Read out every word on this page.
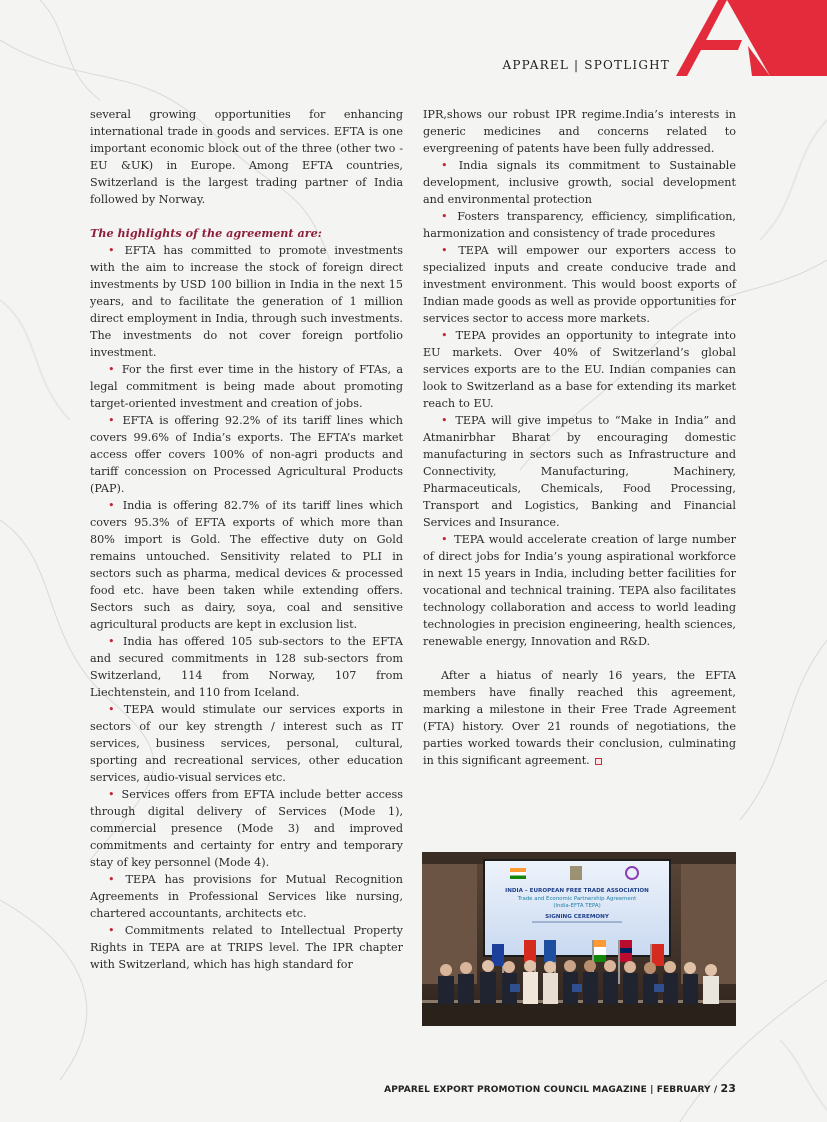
APPAREL | SPOTLIGHT

several growing opportunities for enhancing international trade in goods and services. EFTA is one important economic block out of the three (other two - EU &UK) in Europe. Among EFTA countries, Switzerland is the largest trading partner of India followed by Norway.

The highlights of the agreement are:

• EFTA has committed to promote investments with the aim to increase the stock of foreign direct investments by USD 100 billion in India in the next 15 years, and to facilitate the generation of 1 million direct employment in India, through such investments. The investments do not cover foreign portfolio investment.

• For the first ever time in the history of FTAs, a legal commitment is being made about promoting target-oriented investment and creation of jobs.

• EFTA is offering 92.2% of its tariff lines which covers 99.6% of India’s exports. The EFTA’s market access offer covers 100% of non-agri products and tariff concession on Processed Agricultural Products (PAP).

• India is offering 82.7% of its tariff lines which covers 95.3% of EFTA exports of which more than 80% import is Gold. The effective duty on Gold remains untouched. Sensitivity related to PLI in sectors such as pharma, medical devices & processed food etc. have been taken while extending offers. Sectors such as dairy, soya, coal and sensitive agricultural products are kept in exclusion list.

• India has offered 105 sub-sectors to the EFTA and secured commitments in 128 sub-sectors from Switzerland, 114 from Norway, 107 from Liechtenstein, and 110 from Iceland.

• TEPA would stimulate our services exports in sectors of our key strength / interest such as IT services, business services, personal, cultural, sporting and recreational services, other education services, audio-visual services etc.

• Services offers from EFTA include better access through digital delivery of Services (Mode 1), commercial presence (Mode 3) and improved commitments and certainty for entry and temporary stay of key personnel (Mode 4).

• TEPA has provisions for Mutual Recognition Agreements in Professional Services like nursing, chartered accountants, architects etc.

• Commitments related to Intellectual Property Rights in TEPA are at TRIPS level. The IPR chapter with Switzerland, which has high standard for

IPR,shows our robust IPR regime.India’s interests in generic medicines and concerns related to evergreening of patents have been fully addressed.

• India signals its commitment to Sustainable development, inclusive growth, social development and environmental protection

• Fosters transparency, efficiency, simplification, harmonization and consistency of trade procedures

• TEPA will empower our exporters access to specialized inputs and create conducive trade and investment environment. This would boost exports of Indian made goods as well as provide opportunities for services sector to access more markets.

• TEPA provides an opportunity to integrate into EU markets. Over 40% of Switzerland’s global services exports are to the EU. Indian companies can look to Switzerland as a base for extending its market reach to EU.

• TEPA will give impetus to “Make in India” and Atmanirbhar Bharat by encouraging domestic manufacturing in sectors such as Infrastructure and Connectivity, Manufacturing, Machinery, Pharmaceuticals, Chemicals, Food Processing, Transport and Logistics, Banking and Financial Services and Insurance.

• TEPA would accelerate creation of large number of direct jobs for India’s young aspirational workforce in next 15 years in India, including better facilities for vocational and technical training. TEPA also facilitates technology collaboration and access to world leading technologies in precision engineering, health sciences, renewable energy, Innovation and R&D.

After a hiatus of nearly 16 years, the EFTA members have finally reached this agreement, marking a milestone in their Free Trade Agreement (FTA) history. Over 21 rounds of negotiations, the parties worked towards their conclusion, culminating in this significant agreement.

INDIA – EUROPEAN FREE TRADE ASSOCIATION
Trade and Economic Partnership Agreement
(India-EFTA TEPA)
SIGNING CEREMONY
APPAREL EXPORT PROMOTION COUNCIL MAGAZINE | FEBRUARY / 23
